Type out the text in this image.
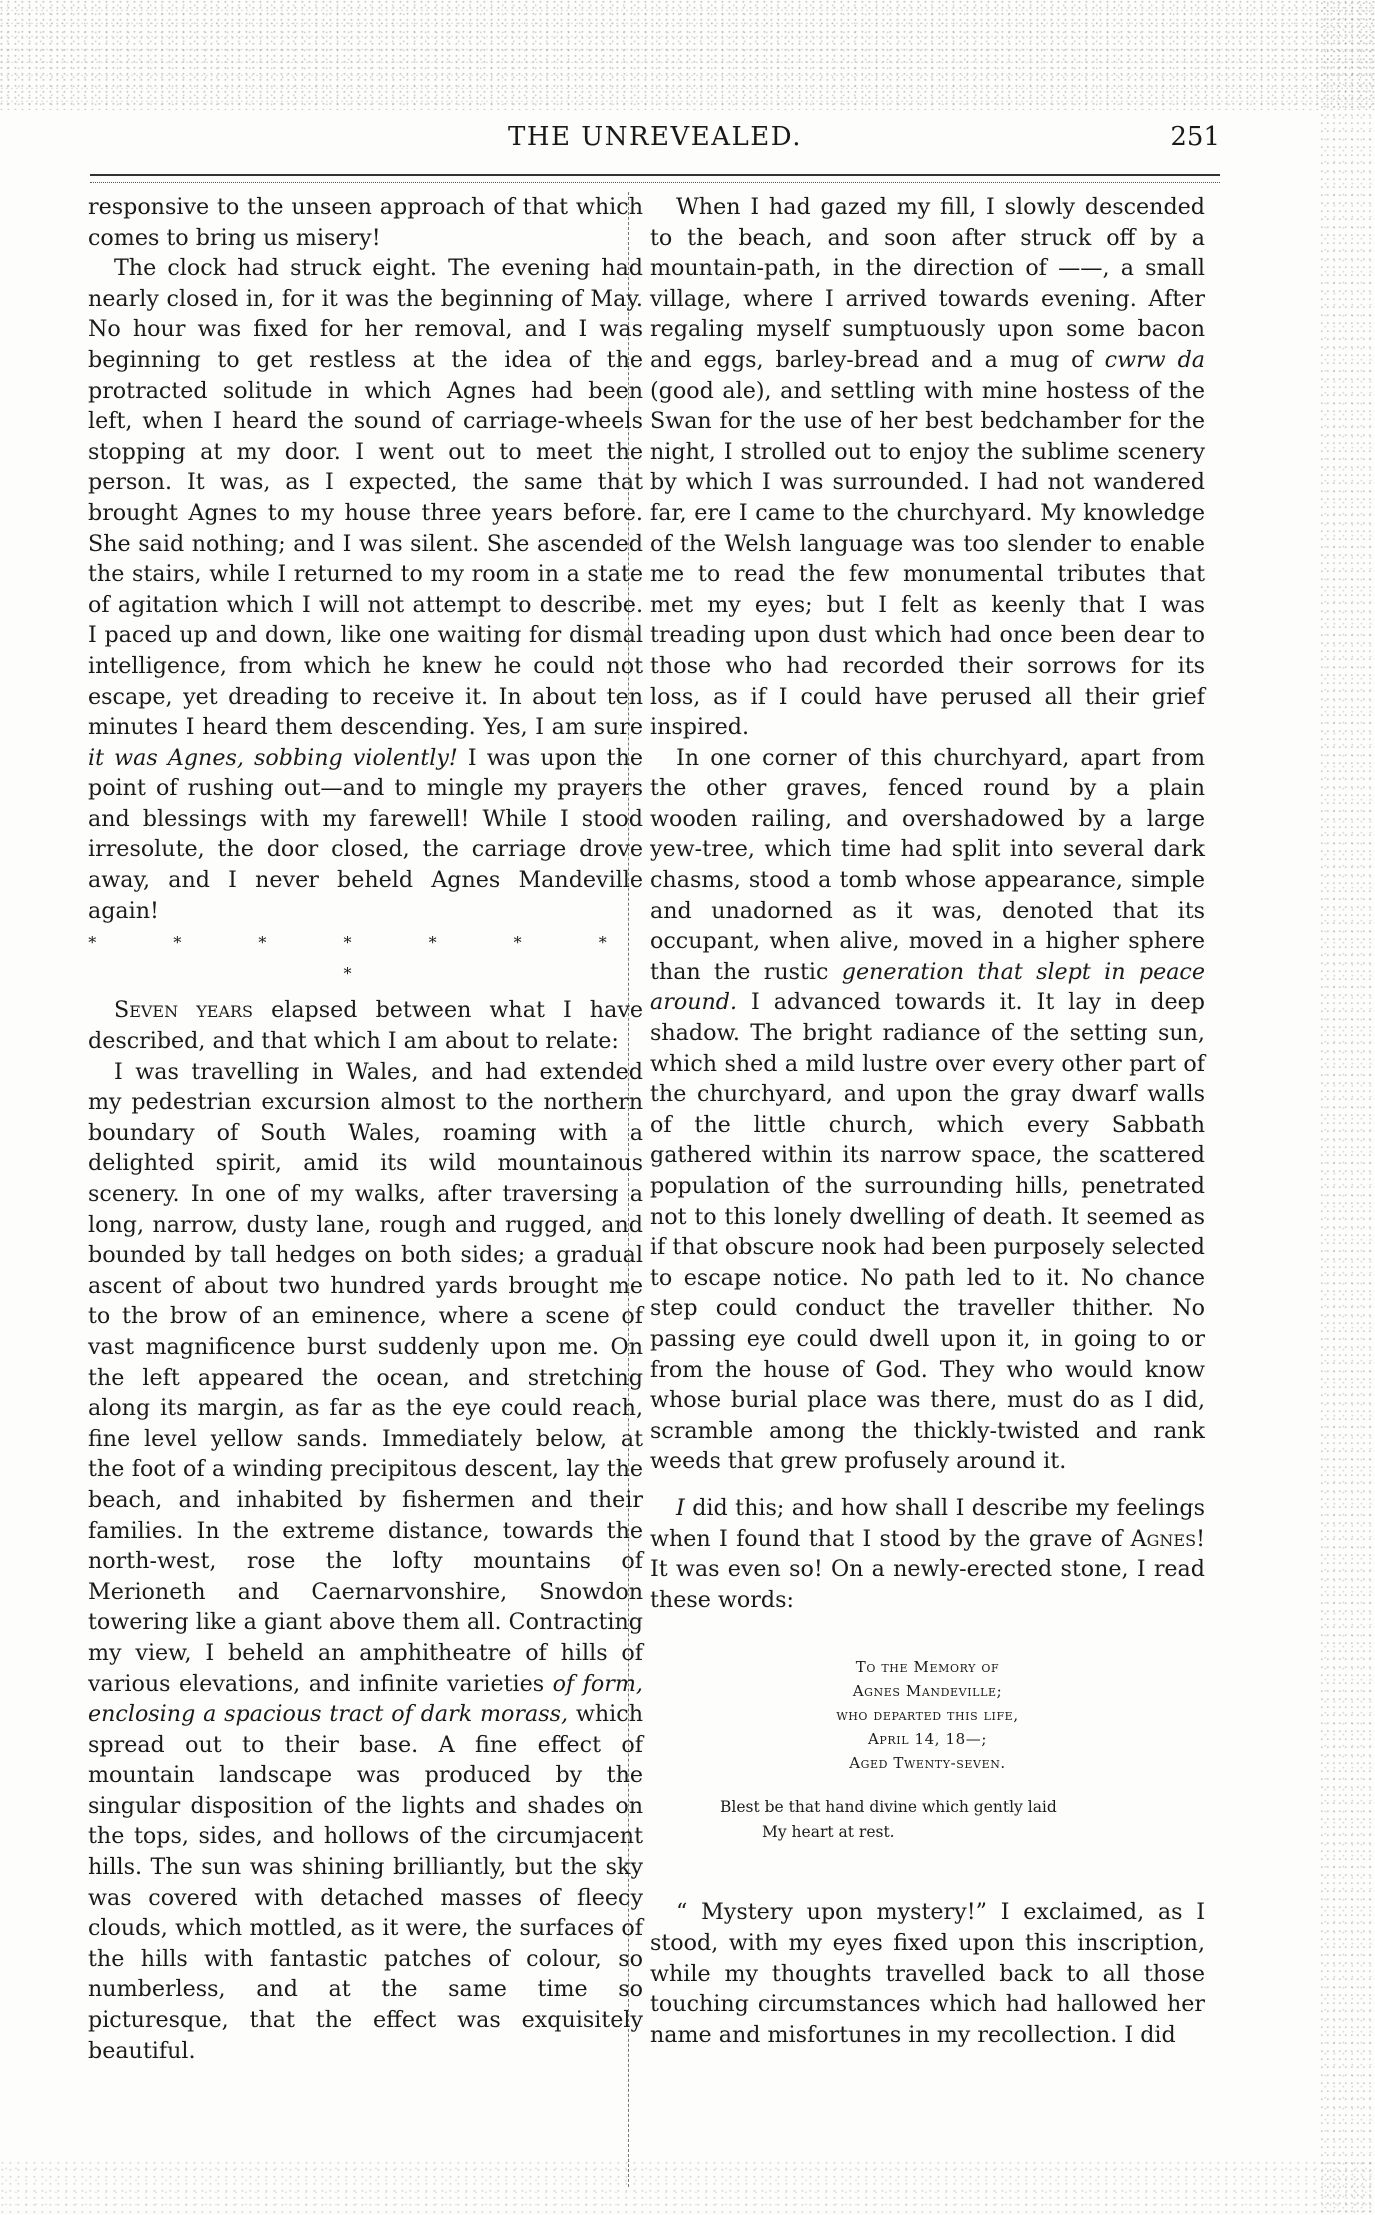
THE UNREVEALED.	251

responsive to the unseen approach of that which comes to bring us misery!

The clock had struck eight. The evening had nearly closed in, for it was the beginning of May. No hour was fixed for her removal, and I was beginning to get restless at the idea of the protracted solitude in which Agnes had been left, when I heard the sound of carriage-wheels stopping at my door. I went out to meet the person. It was, as I expected, the same that brought Agnes to my house three years before. She said nothing; and I was silent. She ascended the stairs, while I returned to my room in a state of agitation which I will not attempt to describe. I paced up and down, like one waiting for dismal intelligence, from which he knew he could not escape, yet dreading to receive it. In about ten minutes I heard them descending. Yes, I am sure it was Agnes, sobbing violently! I was upon the point of rushing out—and to mingle my prayers and blessings with my farewell! While I stood irresolute, the door closed, the carriage drove away, and I never beheld Agnes Mandeville again!

* * * * * * * *

Seven years elapsed between what I have described, and that which I am about to relate:

I was travelling in Wales, and had extended my pedestrian excursion almost to the northern boundary of South Wales, roaming with a delighted spirit, amid its wild mountainous scenery. In one of my walks, after traversing a long, narrow, dusty lane, rough and rugged, and bounded by tall hedges on both sides; a gradual ascent of about two hundred yards brought me to the brow of an eminence, where a scene of vast magnificence burst suddenly upon me. On the left appeared the ocean, and stretching along its margin, as far as the eye could reach, fine level yellow sands. Immediately below, at the foot of a winding precipitous descent, lay the beach, and inhabited by fishermen and their families. In the extreme distance, towards the north-west, rose the lofty mountains of Merioneth and Caernarvonshire, Snowdon towering like a giant above them all. Contracting my view, I beheld an amphitheatre of hills of various elevations, and infinite varieties of form, enclosing a spacious tract of dark morass, which spread out to their base. A fine effect of mountain landscape was produced by the singular disposition of the lights and shades on the tops, sides, and hollows of the circumjacent hills. The sun was shining brilliantly, but the sky was covered with detached masses of fleecy clouds, which mottled, as it were, the surfaces of the hills with fantastic patches of colour, so numberless, and at the same time so picturesque, that the effect was exquisitely beautiful.

When I had gazed my fill, I slowly descended to the beach, and soon after struck off by a mountain-path, in the direction of ——, a small village, where I arrived towards evening. After regaling myself sumptuously upon some bacon and eggs, barley-bread and a mug of cwrw da (good ale), and settling with mine hostess of the Swan for the use of her best bedchamber for the night, I strolled out to enjoy the sublime scenery by which I was surrounded. I had not wandered far, ere I came to the churchyard. My knowledge of the Welsh language was too slender to enable me to read the few monumental tributes that met my eyes; but I felt as keenly that I was treading upon dust which had once been dear to those who had recorded their sorrows for its loss, as if I could have perused all their grief inspired.

In one corner of this churchyard, apart from the other graves, fenced round by a plain wooden railing, and overshadowed by a large yew-tree, which time had split into several dark chasms, stood a tomb whose appearance, simple and unadorned as it was, denoted that its occupant, when alive, moved in a higher sphere than the rustic generation that slept in peace around. I advanced towards it. It lay in deep shadow. The bright radiance of the setting sun, which shed a mild lustre over every other part of the churchyard, and upon the gray dwarf walls of the little church, which every Sabbath gathered within its narrow space, the scattered population of the surrounding hills, penetrated not to this lonely dwelling of death. It seemed as if that obscure nook had been purposely selected to escape notice. No path led to it. No chance step could conduct the traveller thither. No passing eye could dwell upon it, in going to or from the house of God. They who would know whose burial place was there, must do as I did, scramble among the thickly-twisted and rank weeds that grew profusely around it.

I did this; and how shall I describe my feelings when I found that I stood by the grave of Agnes! It was even so! On a newly-erected stone, I read these words:

To the Memory of
Agnes Mandeville;
who departed this life,
April 14, 18—;
Aged Twenty-seven.
Blest be that hand divine which gently laid
My heart at rest.

“ Mystery upon mystery!” I exclaimed, as I stood, with my eyes fixed upon this inscription, while my thoughts travelled back to all those touching circumstances which had hallowed her name and misfortunes in my recollection. I did
